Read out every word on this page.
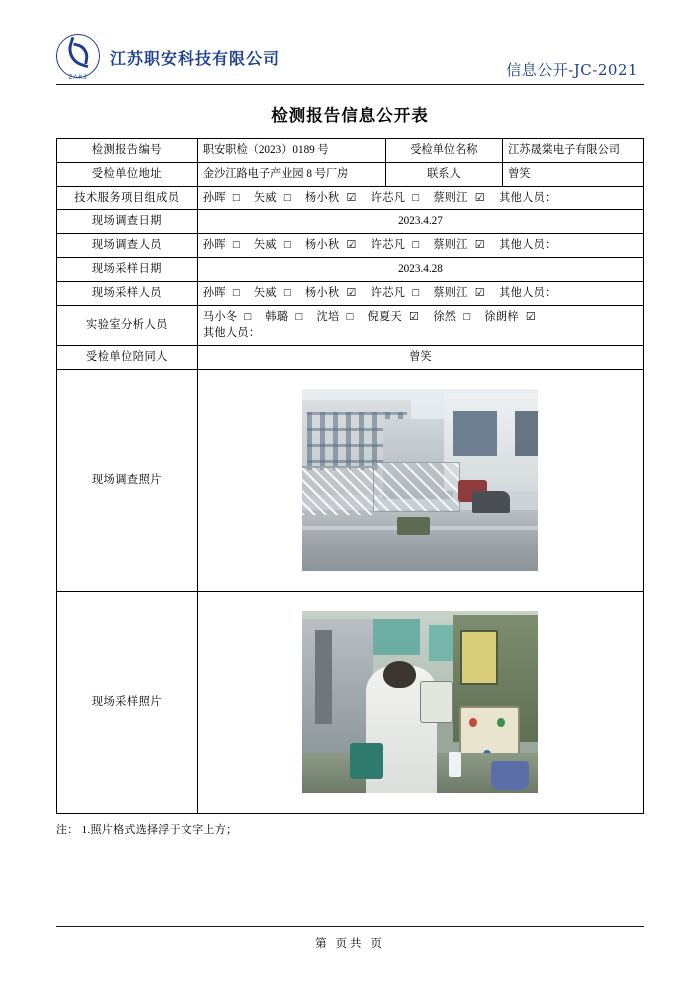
ZAKJ
江苏职安科技有限公司
信息公开-JC-2021
检测报告信息公开表
检测报告编号	职安职检（2023）0189 号	受检单位名称	江苏晟棠电子有限公司
受检单位地址	金沙江路电子产业园 8 号厂房	联系人	曾笑
技术服务项目组成员	孙晖 □ 矢威 □ 杨小秋 ☑ 许芯凡 □ 蔡则江 ☑ 其他人员：		
现场调查日期	2023.4.27		
现场调查人员	孙晖 □ 矢威 □ 杨小秋 ☑ 许芯凡 □ 蔡则江 ☑ 其他人员：		
现场采样日期	2023.4.28		
现场采样人员	孙晖 □ 矢威 □ 杨小秋 ☑ 许芯凡 □ 蔡则江 ☑ 其他人员：		
实验室分析人员	马小冬 □ 韩璐 □ 沈培 □ 倪夏天 ☑ 徐然 □ 徐朗梓 ☑
其他人员：		

受检单位陪同人	曾笑		
现场调查照片			

现场采样照片			
注： 1.照片格式选择浮于文字上方；
第 页共 页
